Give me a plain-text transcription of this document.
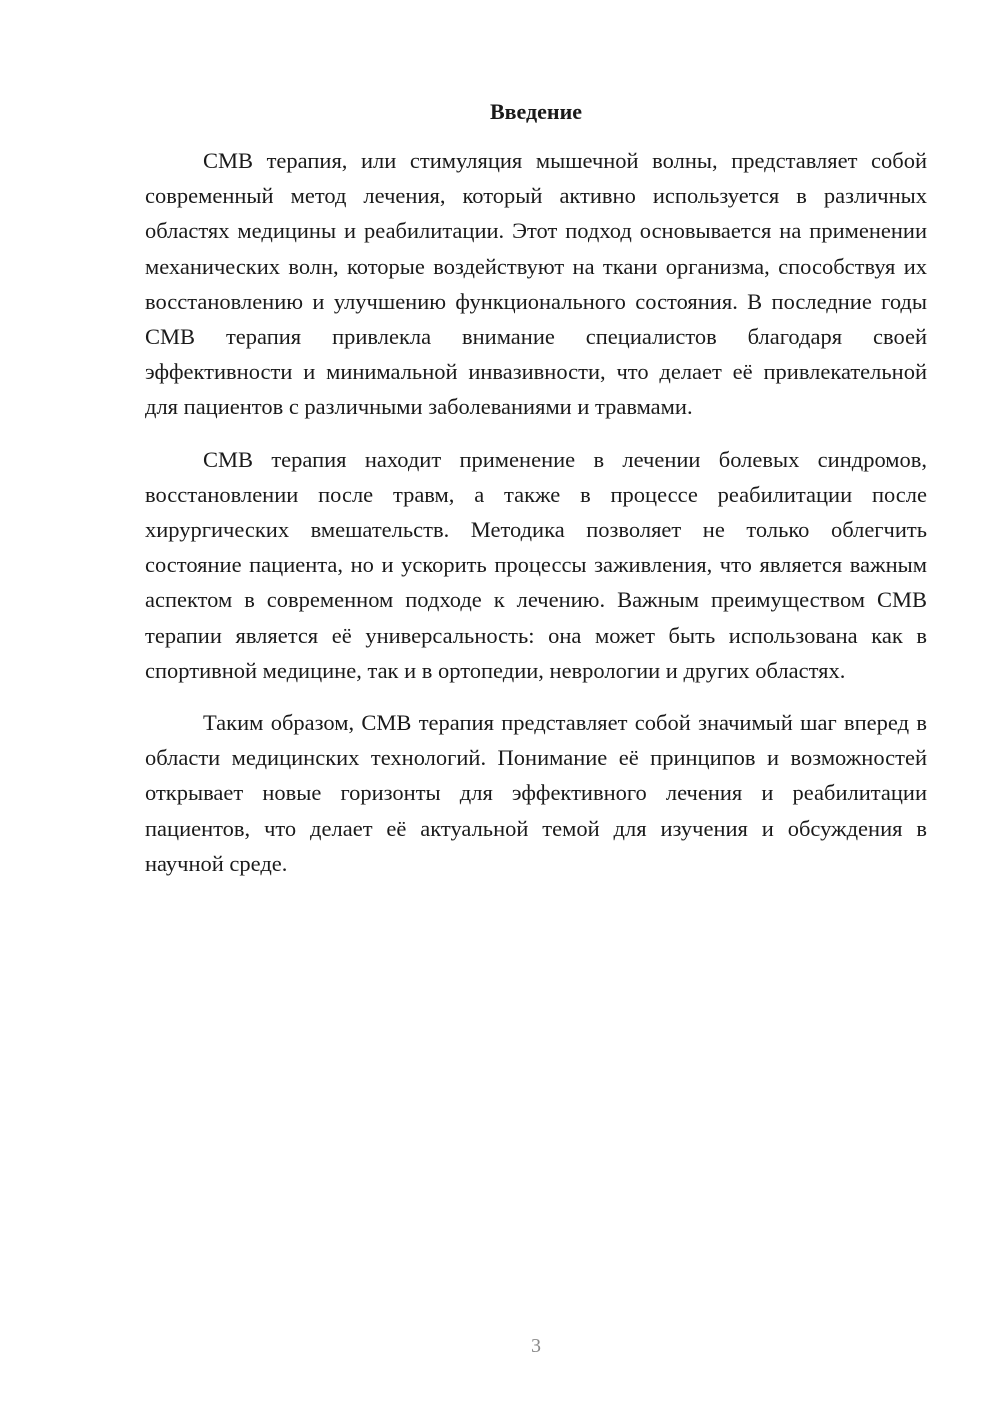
Введение

СМВ терапия, или стимуляция мышечной волны, представляет собой современный метод лечения, который активно используется в различных областях медицины и реабилитации. Этот подход основывается на применении механических волн, которые воздействуют на ткани организма, способствуя их восстановлению и улучшению функционального состояния. В последние годы СМВ терапия привлекла внимание специалистов благодаря своей эффективности и минимальной инвазивности, что делает её привлекательной для пациентов с различными заболеваниями и травмами.

СМВ терапия находит применение в лечении болевых синдромов, восстановлении после травм, а также в процессе реабилитации после хирургических вмешательств. Методика позволяет не только облегчить состояние пациента, но и ускорить процессы заживления, что является важным аспектом в современном подходе к лечению. Важным преимуществом СМВ терапии является её универсальность: она может быть использована как в спортивной медицине, так и в ортопедии, неврологии и других областях.

Таким образом, СМВ терапия представляет собой значимый шаг вперед в области медицинских технологий. Понимание её принципов и возможностей открывает новые горизонты для эффективного лечения и реабилитации пациентов, что делает её актуальной темой для изучения и обсуждения в научной среде.

3
